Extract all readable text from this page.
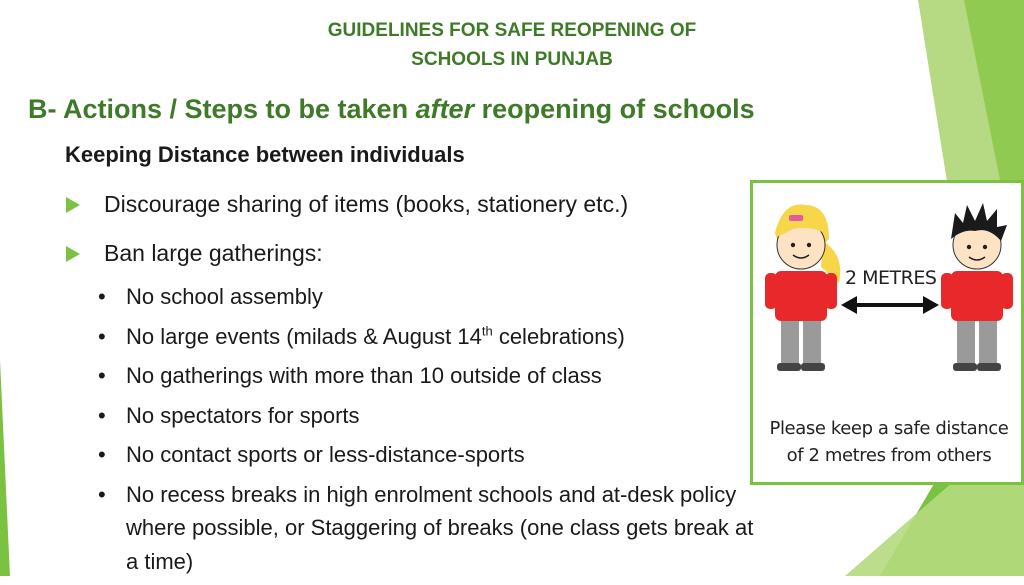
GUIDELINES FOR SAFE REOPENING OF
SCHOOLS IN PUNJAB
B- Actions / Steps to be taken after reopening of schools
Keeping Distance between individuals
Discourage sharing of items (books, stationery etc.)
Ban large gatherings:
• No school assembly
• No large events (milads & August 14th celebrations)
• No gatherings with more than 10 outside of class
• No spectators for sports
• No contact sports or less-distance-sports
• No recess breaks in high enrolment schools and at-desk policy where possible, or Staggering of breaks (one class gets break at a time)
2 METRES
Please keep a safe distance
of 2 metres from others
